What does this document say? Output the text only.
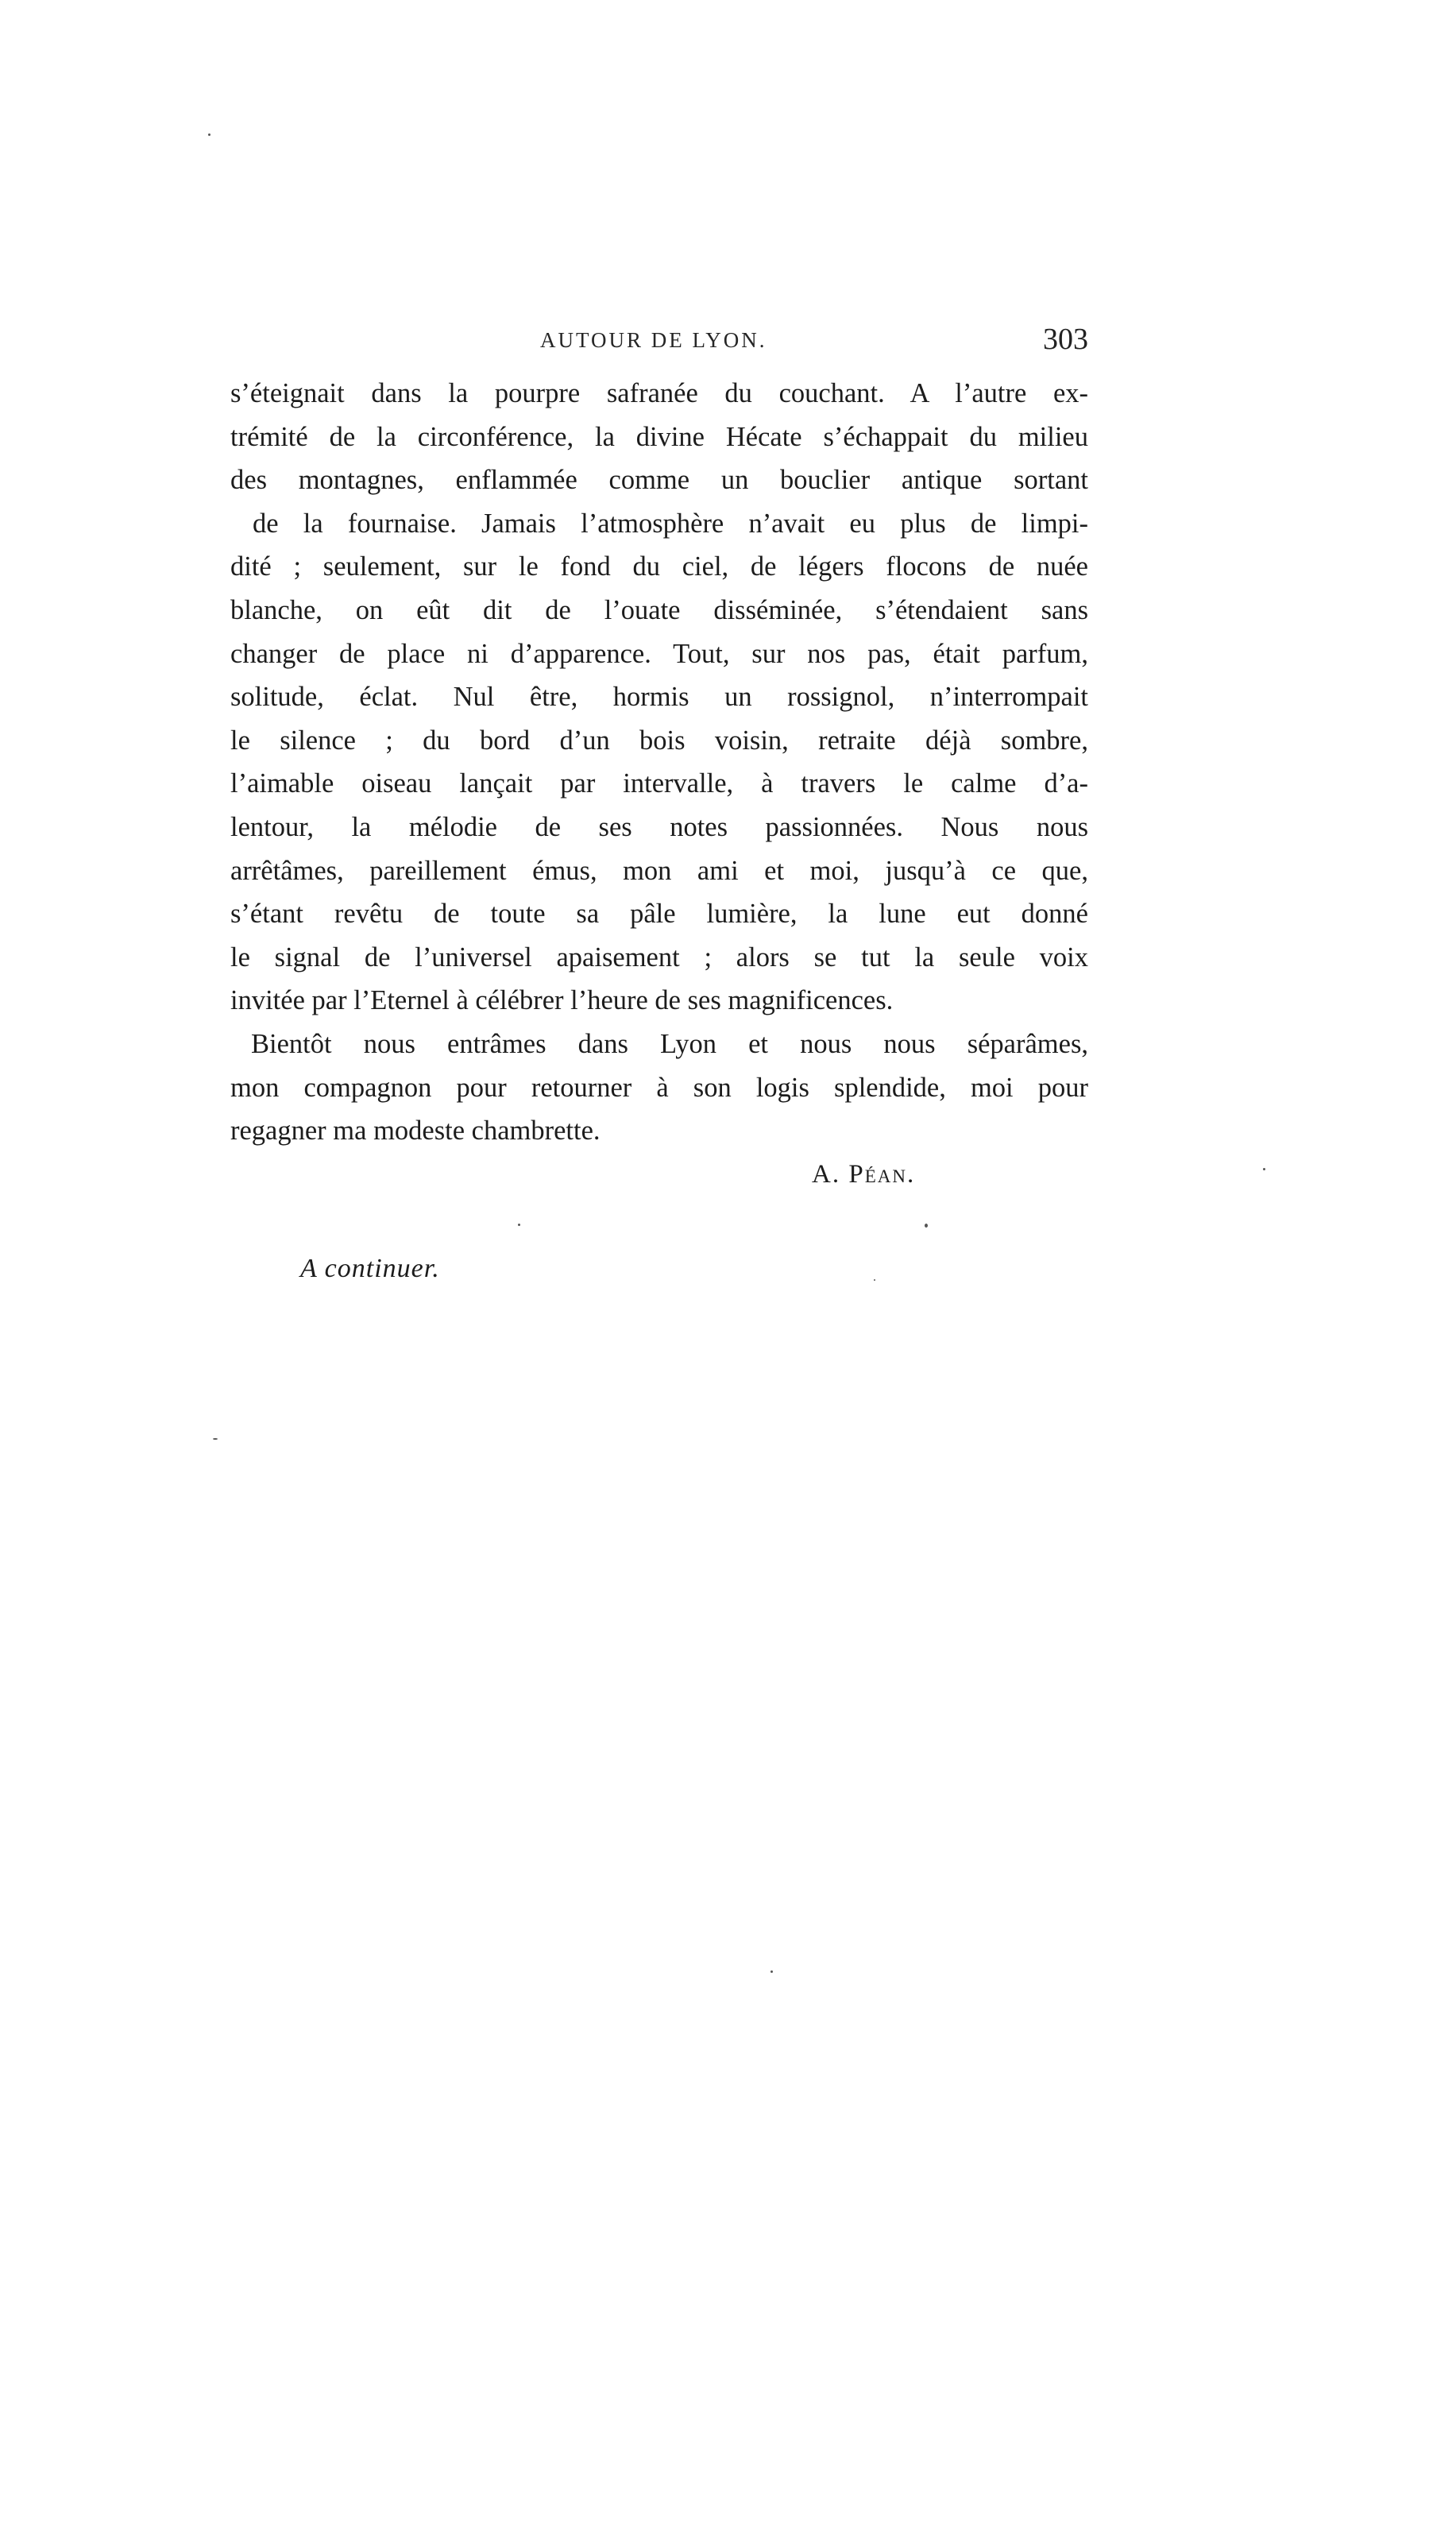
AUTOUR DE LYON.	303
s’éteignait dans la pourpre safranée du couchant. A l’autre ex-
trémité de la circonférence, la divine Hécate s’échappait du milieu
des montagnes, enflammée comme un bouclier antique sortant
de la fournaise. Jamais l’atmosphère n’avait eu plus de limpi-
dité ; seulement, sur le fond du ciel, de légers flocons de nuée
blanche, on eût dit de l’ouate disséminée, s’étendaient sans
changer de place ni d’apparence. Tout, sur nos pas, était parfum,
solitude, éclat. Nul être, hormis un rossignol, n’interrompait
le silence ; du bord d’un bois voisin, retraite déjà sombre,
l’aimable oiseau lançait par intervalle, à travers le calme d’a-
lentour, la mélodie de ses notes passionnées. Nous nous
arrêtâmes, pareillement émus, mon ami et moi, jusqu’à ce que,
s’étant revêtu de toute sa pâle lumière, la lune eut donné
le signal de l’universel apaisement ; alors se tut la seule voix
invitée par l’Eternel à célébrer l’heure de ses magnificences.
Bientôt nous entrâmes dans Lyon et nous nous séparâmes,
mon compagnon pour retourner à son logis splendide, moi pour
regagner ma modeste chambrette.
A. Péan.
A continuer.
